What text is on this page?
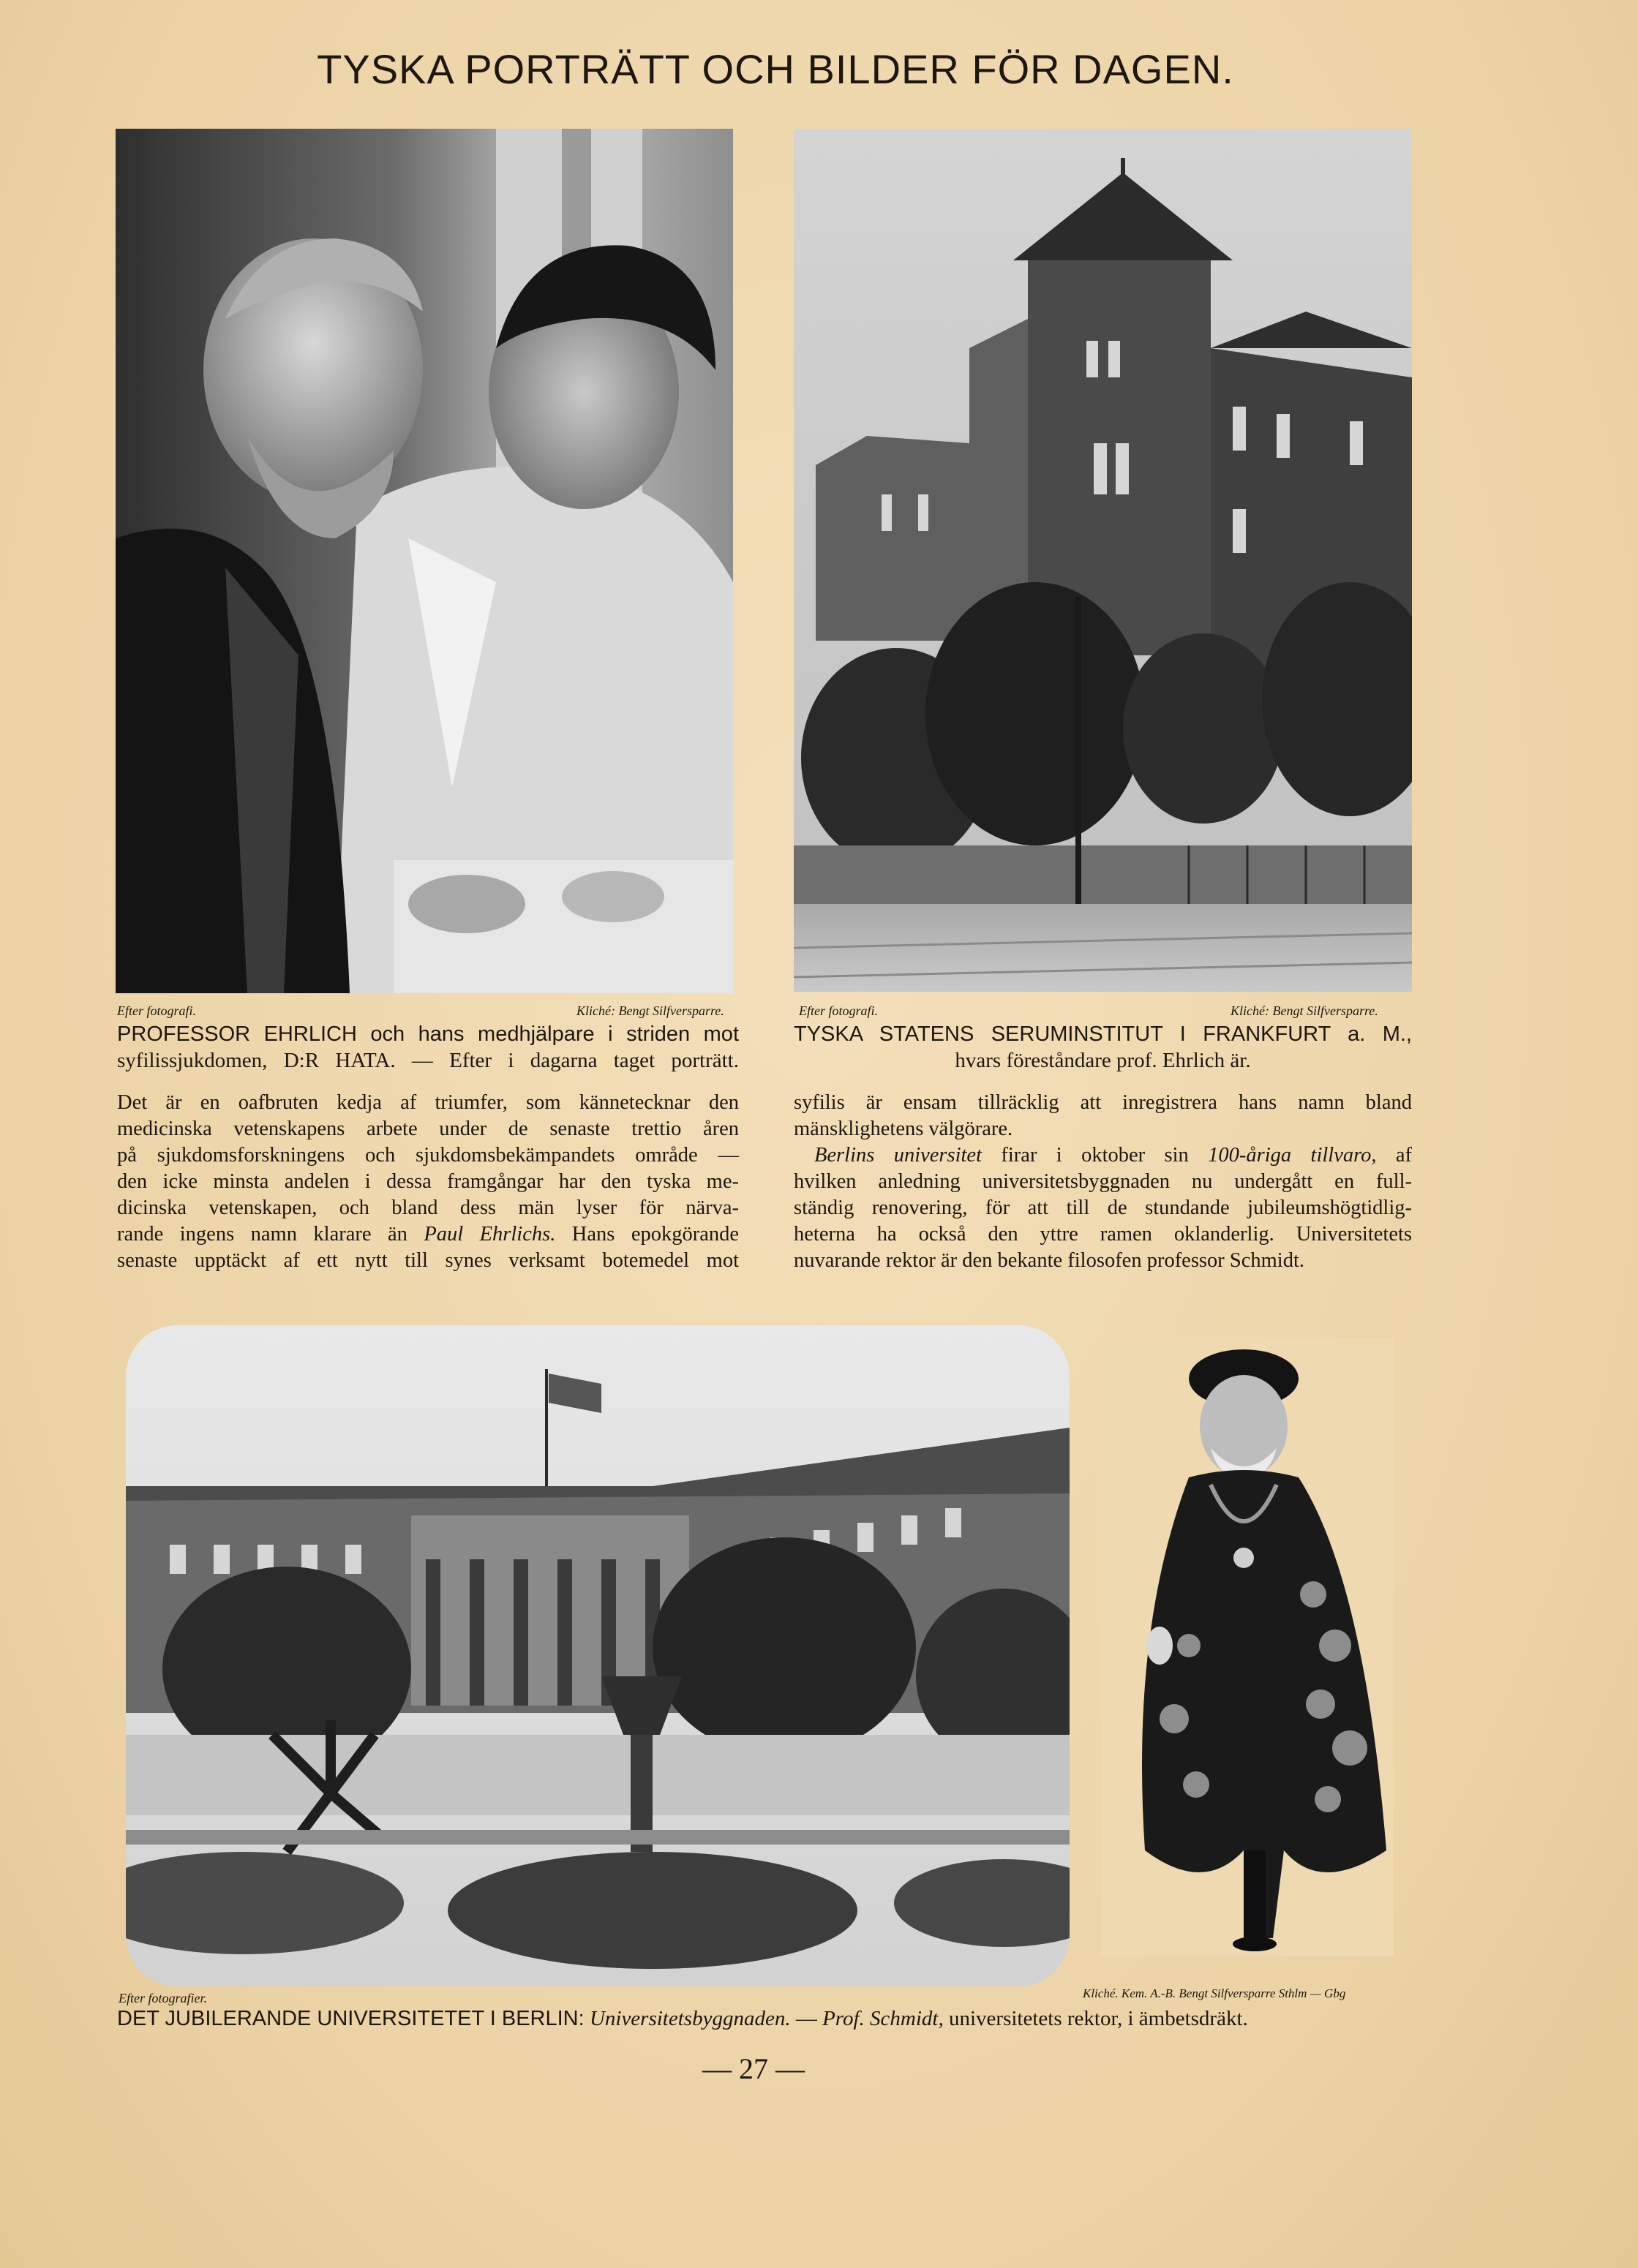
TYSKA PORTRÄTT OCH BILDER FÖR DAGEN.
Efter fotografi.	Kliché: Bengt Silfversparre.	Efter fotografi.	Kliché: Bengt Silfversparre.
PROFESSOR EHRLICH och hans medhjälpare i striden mot
syfilissjukdomen, D:R HATA. — Efter i dagarna taget porträtt.
TYSKA STATENS SERUMINSTITUT I FRANKFURT a. M.,
hvars föreståndare prof. Ehrlich är.
Det är en oafbruten kedja af triumfer, som kännetecknar den
medicinska vetenskapens arbete under de senaste trettio åren
på sjukdomsforskningens och sjukdomsbekämpandets område —
den icke minsta andelen i dessa framgångar har den tyska me-
dicinska vetenskapen, och bland dess män lyser för närva-
rande ingens namn klarare än Paul Ehrlichs. Hans epokgörande
senaste upptäckt af ett nytt till synes verksamt botemedel mot
syfilis är ensam tillräcklig att inregistrera hans namn bland
mänsklighetens välgörare.
Berlins universitet firar i oktober sin 100-åriga tillvaro, af
hvilken anledning universitetsbyggnaden nu undergått en full-
ständig renovering, för att till de stundande jubileumshögtidlig-
heterna ha också den yttre ramen oklanderlig. Universitetets
nuvarande rektor är den bekante filosofen professor Schmidt.
Efter fotografier.	Kliché. Kem. A.-B. Bengt Silfversparre Sthlm — Gbg
DET JUBILERANDE UNIVERSITETET I BERLIN: Universitetsbyggnaden. — Prof. Schmidt, universitetets rektor, i ämbetsdräkt.
— 27 —
